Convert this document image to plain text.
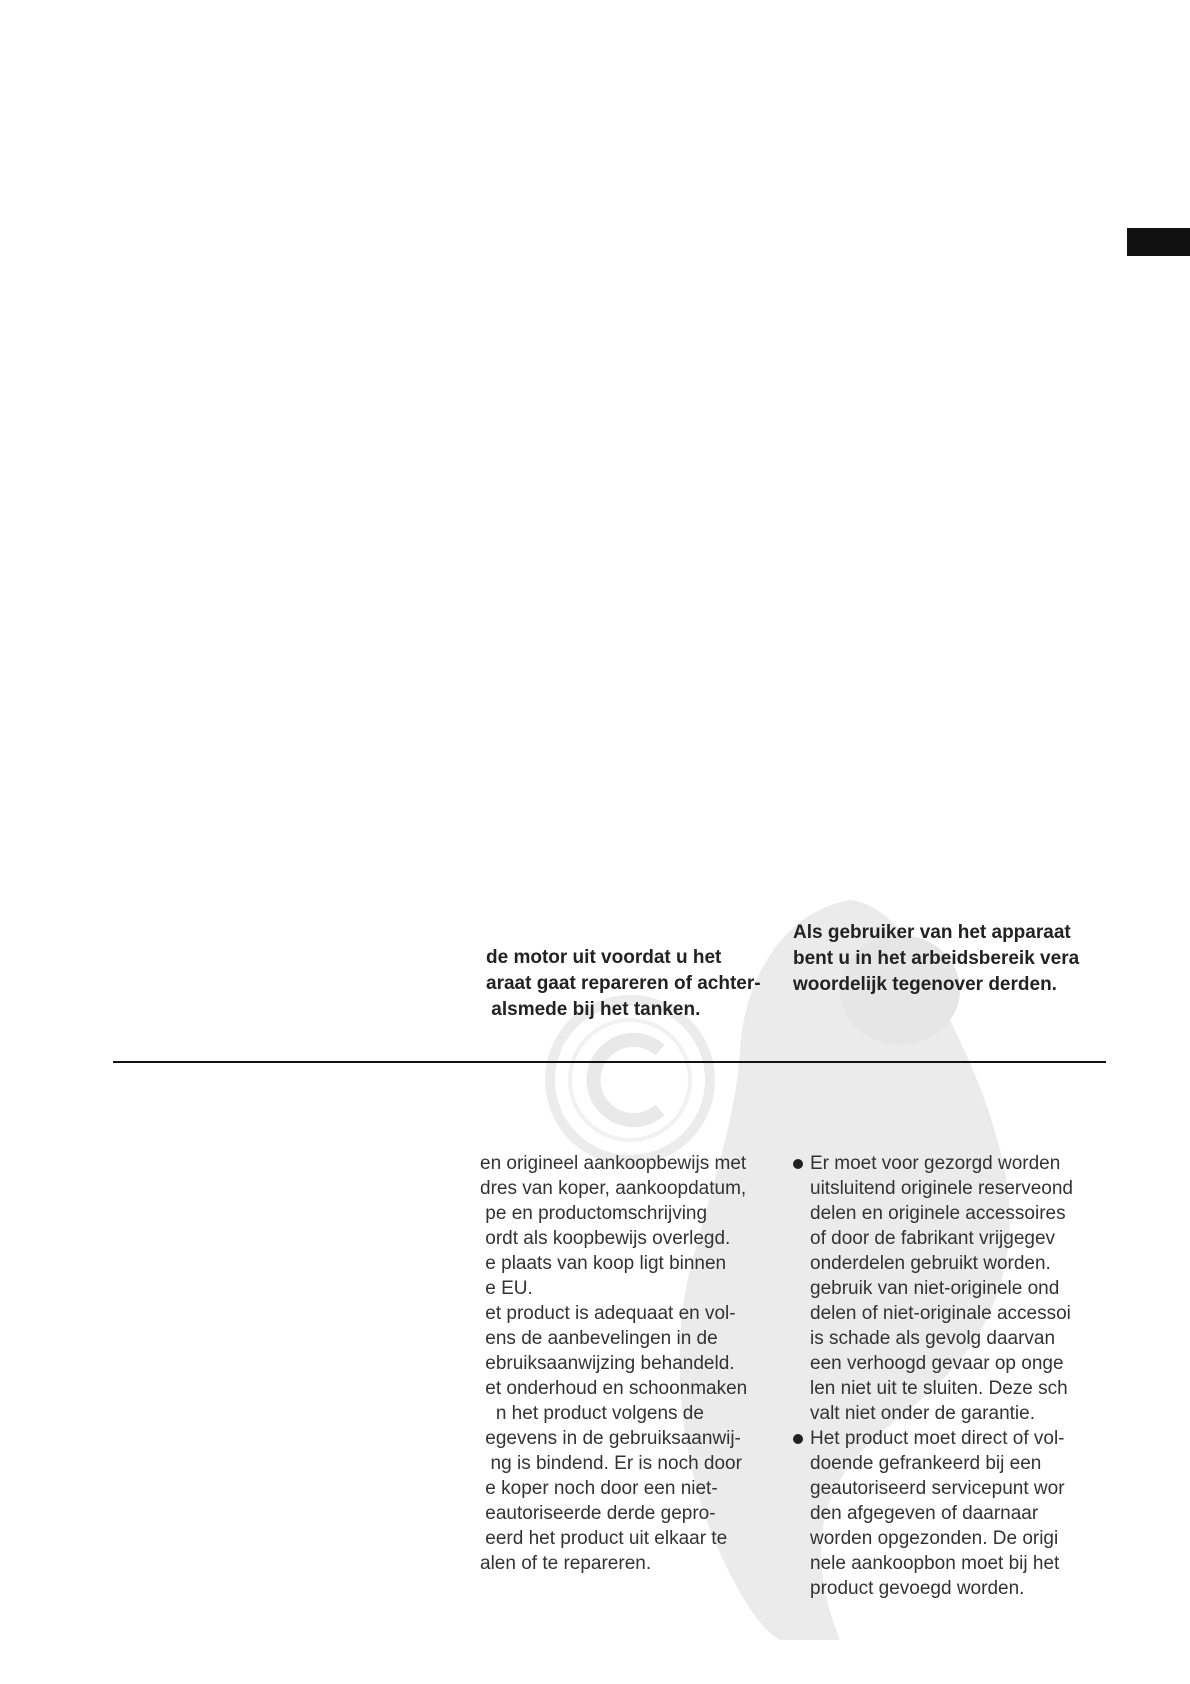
de motor uit voordat u het
araat gaat repareren of achter-
alsmede bij het tanken.
Als gebruiker van het apparaat
bent u in het arbeidsbereik vera
woordelijk tegenover derden.
en origineel aankoopbewijs met
dres van koper, aankoopdatum,
pe en productomschrijving
ordt als koopbewijs overlegd.
e plaats van koop ligt binnen
e EU.
et product is adequaat en vol-
ens de aanbevelingen in de
ebruiksaanwijzing behandeld.
et onderhoud en schoonmaken
n het product volgens de
egevens in de gebruiksaanwij-
ng is bindend. Er is noch door
e koper noch door een niet-
eautoriseerde derde gepro-
eerd het product uit elkaar te
alen of te repareren.
Er moet voor gezorgd worden
uitsluitend originele reserveond
delen en originele accessoires
of door de fabrikant vrijgegev
onderdelen gebruikt worden.
gebruik van niet-originele ond
delen of niet-originale accessoi
is schade als gevolg daarvan
een verhoogd gevaar op onge
len niet uit te sluiten. Deze sch
valt niet onder de garantie.
Het product moet direct of vol-
doende gefrankeerd bij een
geautoriseerd servicepunt wor
den afgegeven of daarnaar
worden opgezonden. De origi
nele aankoopbon moet bij het
product gevoegd worden.
